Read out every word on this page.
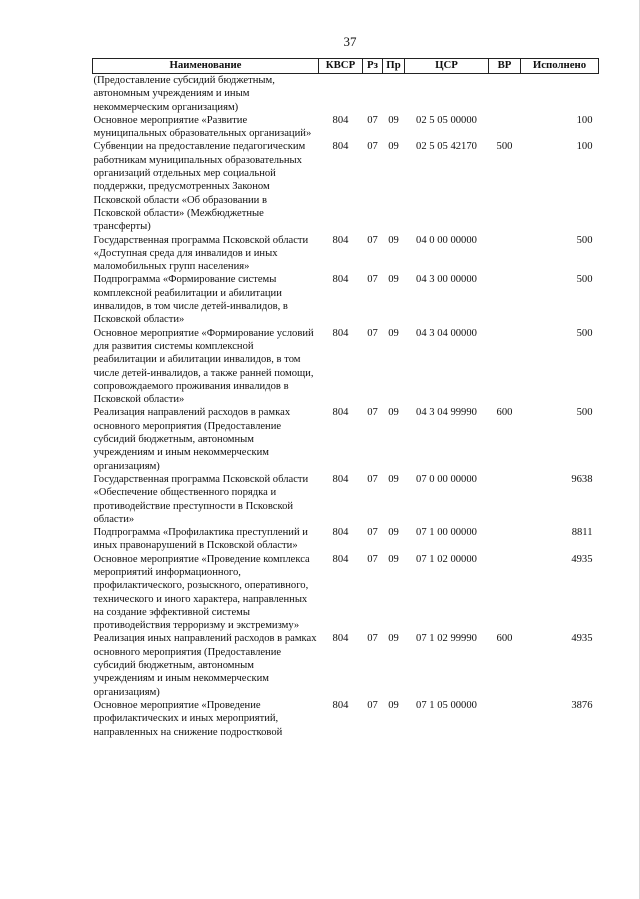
37
Наименование	КВСР	Рз	Пр	ЦСР	ВР	Исполнено
(Предоставление субсидий бюджетным, автономным учреждениям и иным некоммерческим организациям)						
Основное мероприятие «Развитие муниципальных образовательных организаций»	804	07	09	02 5 05 00000		100
Субвенции на предоставление педагогическим работникам муниципальных образовательных организаций отдельных мер социальной поддержки, предусмотренных Законом Псковской области «Об образовании в Псковской области» (Межбюджетные трансферты)	804	07	09	02 5 05 42170	500	100
Государственная программа Псковской области «Доступная среда для инвалидов и иных маломобильных групп населения»	804	07	09	04 0 00 00000		500
Подпрограмма «Формирование системы комплексной реабилитации и абилитации инвалидов, в том числе детей-инвалидов, в Псковской области»	804	07	09	04 3 00 00000		500
Основное мероприятие «Формирование условий для развития системы комплексной реабилитации и абилитации инвалидов, в том числе детей-инвалидов, а также ранней помощи, сопровождаемого проживания инвалидов в Псковской области»	804	07	09	04 3 04 00000		500
Реализация направлений расходов в рамках основного мероприятия (Предоставление субсидий бюджетным, автономным учреждениям и иным некоммерческим организациям)	804	07	09	04 3 04 99990	600	500
Государственная программа Псковской области «Обеспечение общественного порядка и противодействие преступности в Псковской области»	804	07	09	07 0 00 00000		9638
Подпрограмма «Профилактика преступлений и иных правонарушений в Псковской области»	804	07	09	07 1 00 00000		8811
Основное мероприятие «Проведение комплекса мероприятий информационного, профилактического, розыскного, оперативного, технического и иного характера, направленных на создание эффективной системы противодействия терроризму и экстремизму»	804	07	09	07 1 02 00000		4935
Реализация иных направлений расходов в рамках основного мероприятия (Предоставление субсидий бюджетным, автономным учреждениям и иным некоммерческим организациям)	804	07	09	07 1 02 99990	600	4935
Основное мероприятие «Проведение профилактических и иных мероприятий, направленных на снижение подростковой	804	07	09	07 1 05 00000		3876
